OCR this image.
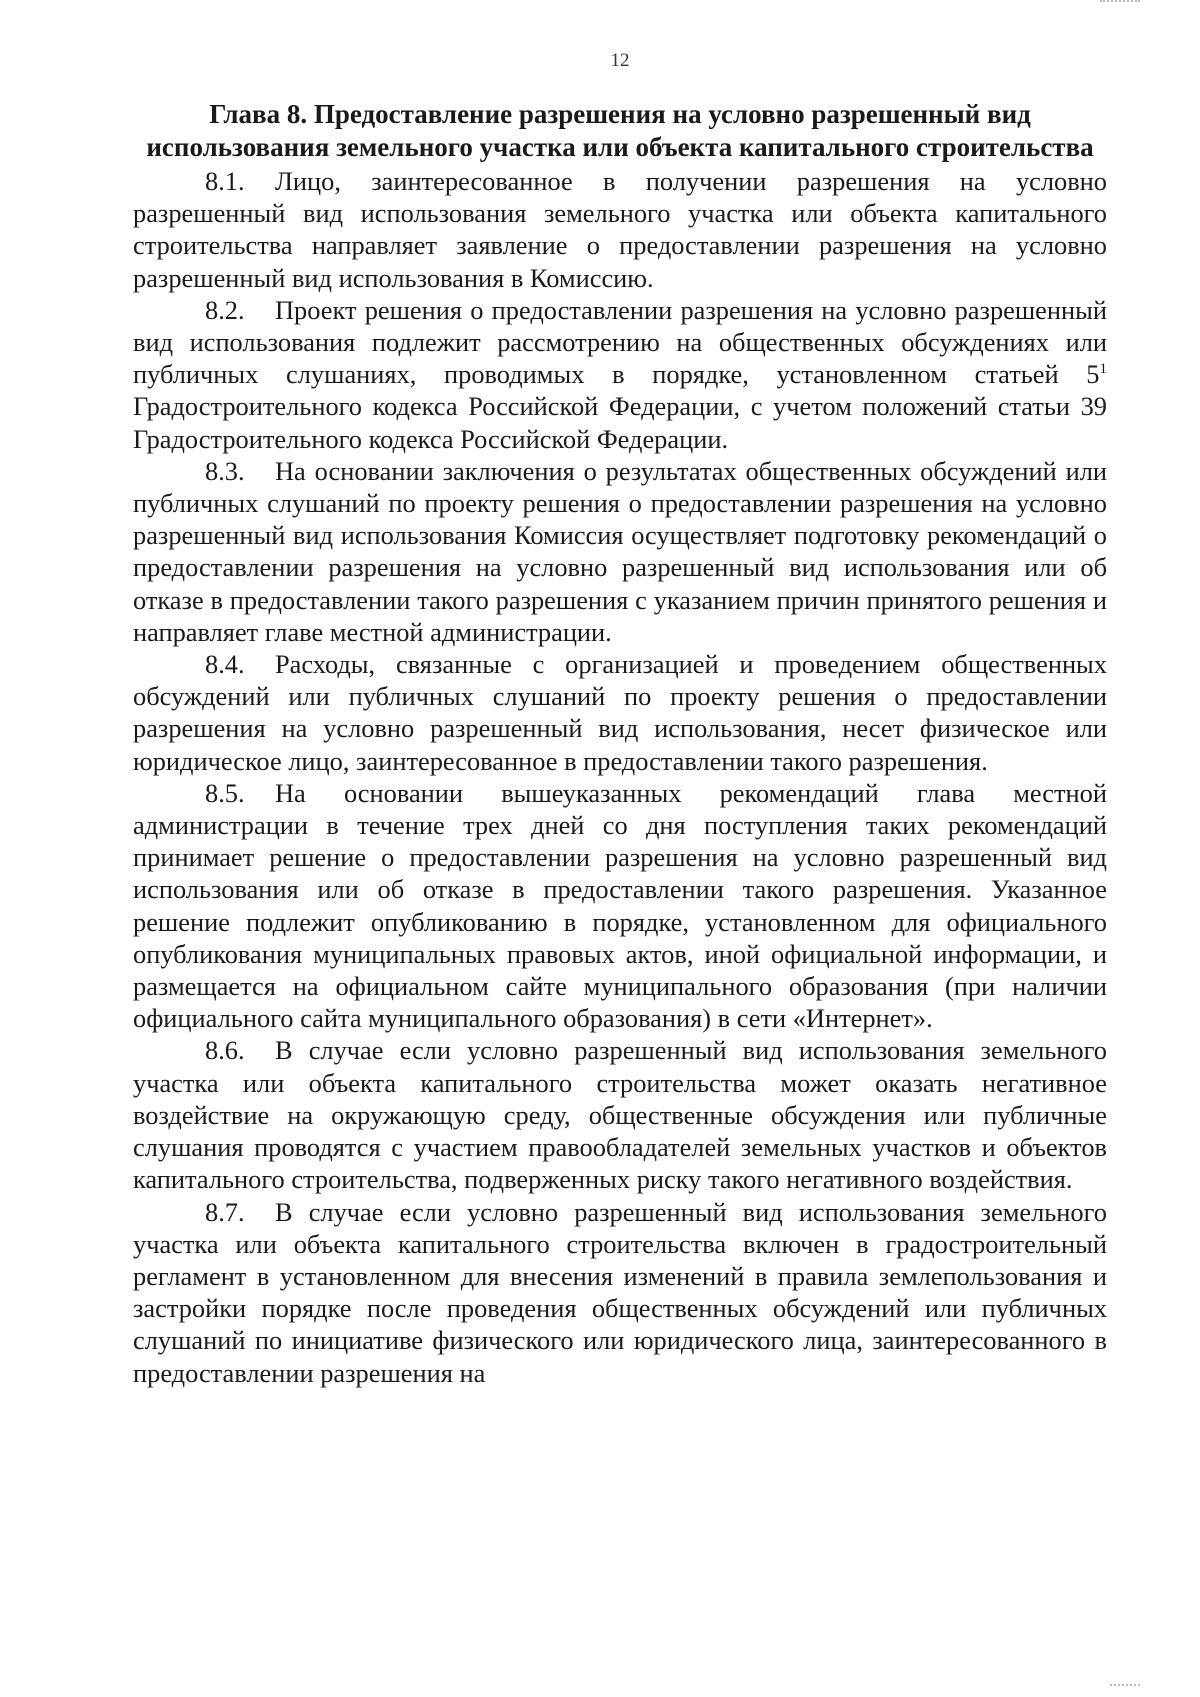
12
Глава 8. Предоставление разрешения на условно разрешенный вид использования земельного участка или объекта капитального строительства

8.1. Лицо, заинтересованное в получении разрешения на условно разрешенный вид использования земельного участка или объекта капитального строительства направляет заявление о предоставлении разрешения на условно разрешенный вид использования в Комиссию.

8.2. Проект решения о предоставлении разрешения на условно разрешенный вид использования подлежит рассмотрению на общественных обсуждениях или публичных слушаниях, проводимых в порядке, установленном статьей $5^1$ Градостроительного кодекса Российской Федерации, с учетом положений статьи 39 Градостроительного кодекса Российской Федерации.

8.3. На основании заключения о результатах общественных обсуждений или публичных слушаний по проекту решения о предоставлении разрешения на условно разрешенный вид использования Комиссия осуществляет подготовку рекомендаций о предоставлении разрешения на условно разрешенный вид использования или об отказе в предоставлении такого разрешения с указанием причин принятого решения и направляет главе местной администрации.

8.4. Расходы, связанные с организацией и проведением общественных обсуждений или публичных слушаний по проекту решения о предоставлении разрешения на условно разрешенный вид использования, несет физическое или юридическое лицо, заинтересованное в предоставлении такого разрешения.

8.5. На основании вышеуказанных рекомендаций глава местной администрации в течение трех дней со дня поступления таких рекомендаций принимает решение о предоставлении разрешения на условно разрешенный вид использования или об отказе в предоставлении такого разрешения. Указанное решение подлежит опубликованию в порядке, установленном для официального опубликования муниципальных правовых актов, иной официальной информации, и размещается на официальном сайте муниципального образования (при наличии официального сайта муниципального образования) в сети «Интернет».

8.6. В случае если условно разрешенный вид использования земельного участка или объекта капитального строительства может оказать негативное воздействие на окружающую среду, общественные обсуждения или публичные слушания проводятся с участием правообладателей земельных участков и объектов капитального строительства, подверженных риску такого негативного воздействия.

8.7. В случае если условно разрешенный вид использования земельного участка или объекта капитального строительства включен в градостроительный регламент в установленном для внесения изменений в правила землепользования и застройки порядке после проведения общественных обсуждений или публичных слушаний по инициативе физического или юридического лица, заинтересованного в предоставлении разрешения на
